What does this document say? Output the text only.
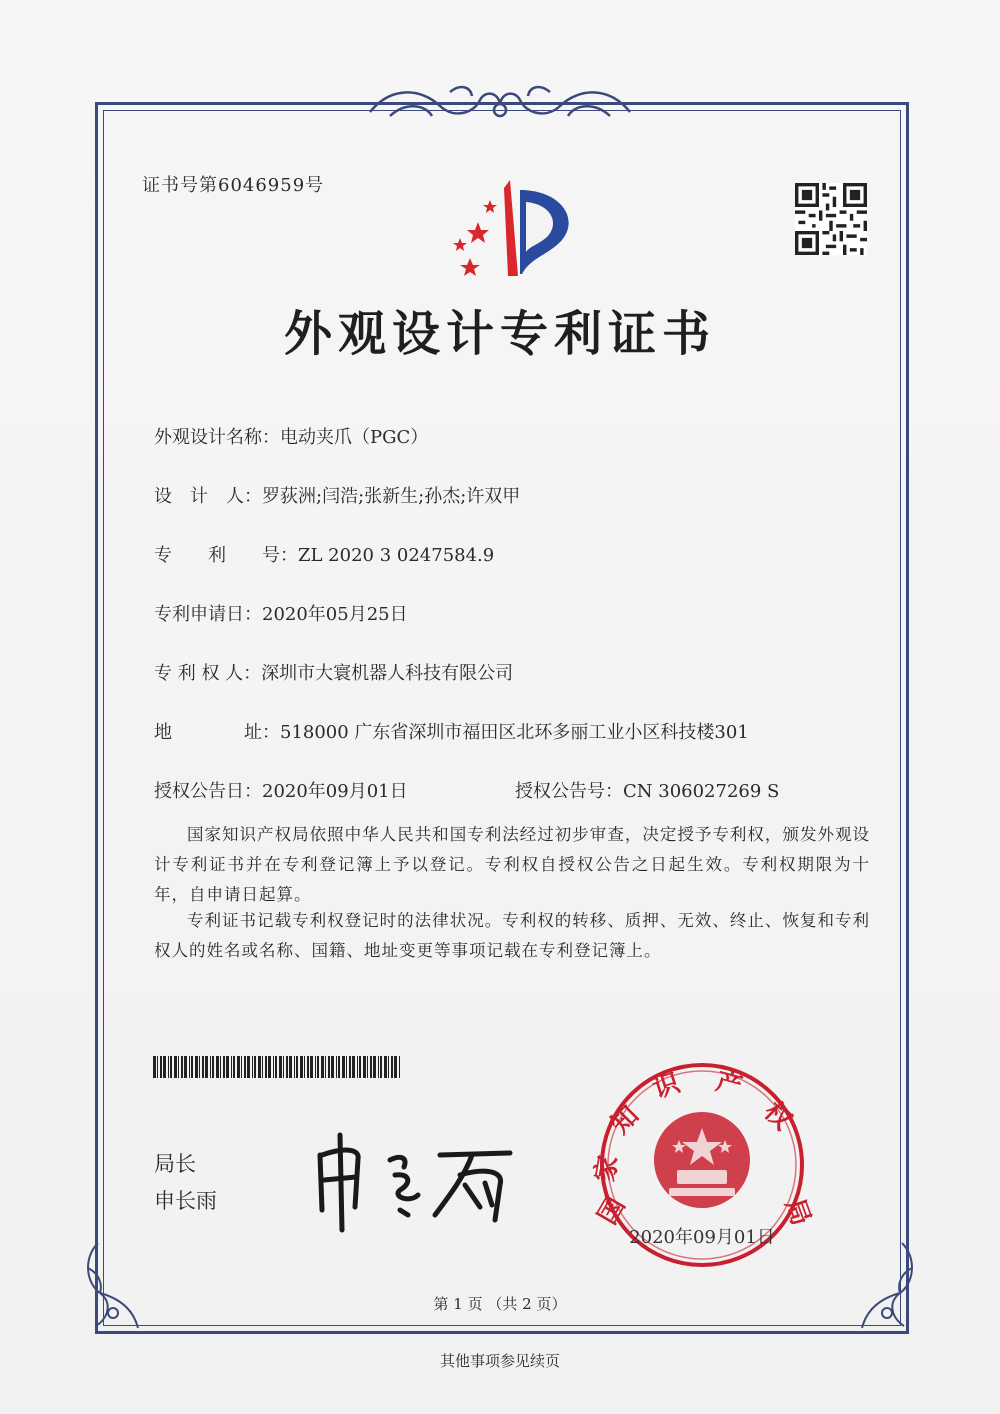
证书号第6046959号
外观设计专利证书
外观设计名称：电动夹爪（PGC）
设　计　人：罗荻洲;闫浩;张新生;孙杰;许双甲
专　　利　　号：ZL 2020 3 0247584.9
专利申请日：2020年05月25日
专 利 权 人：深圳市大寰机器人科技有限公司
地　　　　址：518000 广东省深圳市福田区北环多丽工业小区科技楼301
授权公告日：2020年09月01日	授权公告号：CN 306027269 S
国家知识产权局依照中华人民共和国专利法经过初步审查，决定授予专利权，颁发外观设计专利证书并在专利登记簿上予以登记。专利权自授权公告之日起生效。专利权期限为十年，自申请日起算。
专利证书记载专利权登记时的法律状况。专利权的转移、质押、无效、终止、恢复和专利权人的姓名或名称、国籍、地址变更等事项记载在专利登记簿上。
局长
申长雨	国
家
知
识 产
权
局
2020年09月01日
第 1 页 （共 2 页）
其他事项参见续页
